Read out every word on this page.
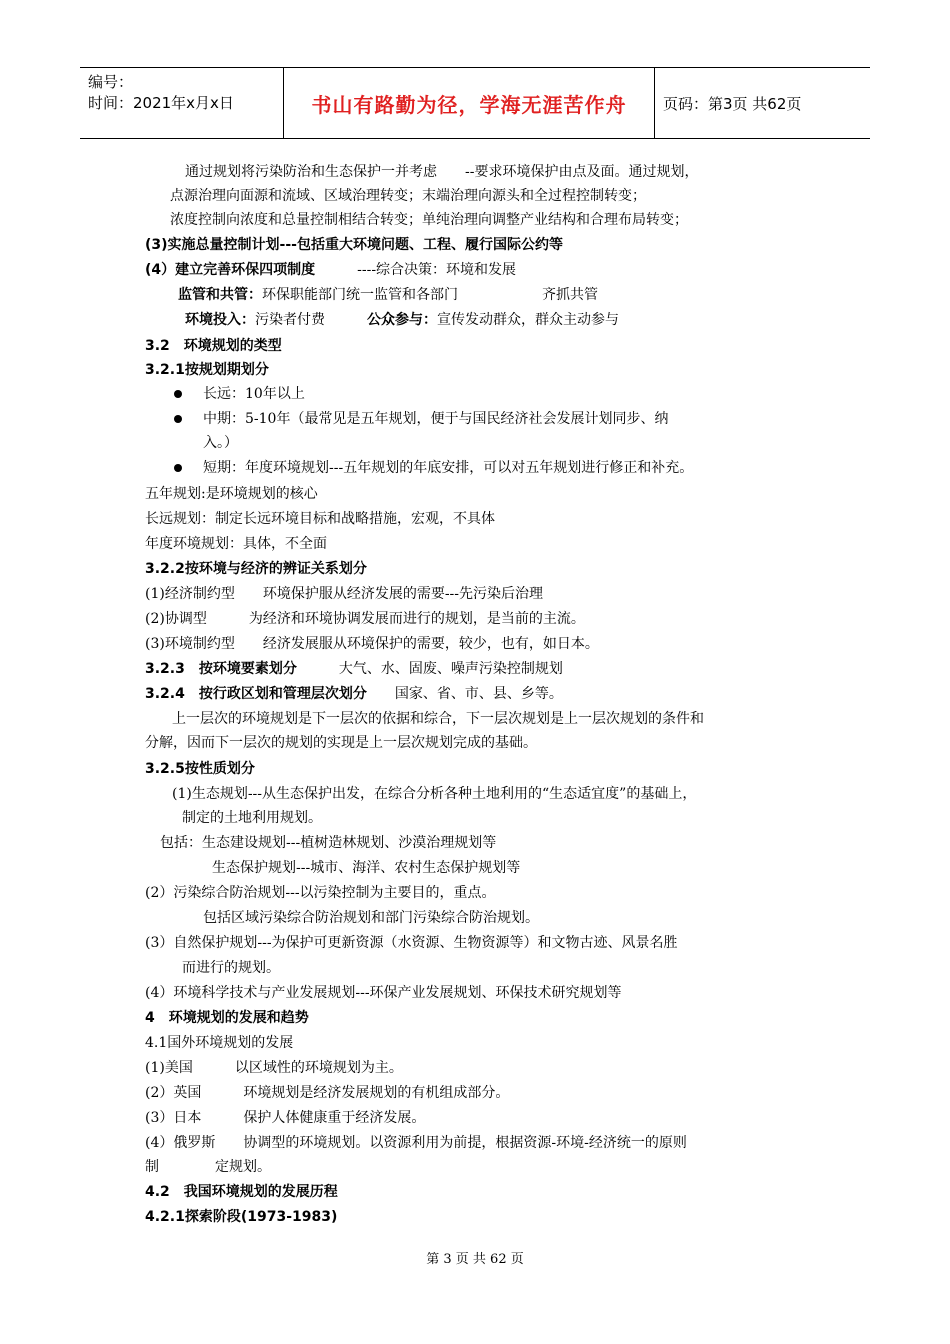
编号：
时间：2021年x月x日	书山有路勤为径，学海无涯苦作舟	页码：第3页 共62页
通过规划将污染防治和生态保护一并考虑　　--要求环境保护由点及面。通过规划，
点源治理向面源和流域、区域治理转变；末端治理向源头和全过程控制转变；
浓度控制向浓度和总量控制相结合转变；单纯治理向调整产业结构和合理布局转变；
(3)实施总量控制计划---包括重大环境问题、工程、履行国际公约等
(4）建立完善环保四项制度　　　----综合决策：环境和发展
监管和共管：环保职能部门统一监管和各部门　　　　　　齐抓共管
环境投入：污染者付费　　　公众参与：宣传发动群众，群众主动参与
3.2　环境规划的类型
3.2.1按规划期划分
长远：10年以上
中期：5-10年（最常见是五年规划，便于与国民经济社会发展计划同步、纳
入。）
短期：年度环境规划---五年规划的年底安排，可以对五年规划进行修正和补充。
五年规划:是环境规划的核心
长远规划：制定长远环境目标和战略措施，宏观，不具体
年度环境规划：具体，不全面
3.2.2按环境与经济的辨证关系划分
(1)经济制约型　　环境保护服从经济发展的需要---先污染后治理
(2)协调型　　　为经济和环境协调发展而进行的规划，是当前的主流。
(3)环境制约型　　经济发展服从环境保护的需要，较少，也有，如日本。
3.2.3　按环境要素划分　　　大气、水、固废、噪声污染控制规划
3.2.4　按行政区划和管理层次划分　　国家、省、市、县、乡等。
上一层次的环境规划是下一层次的依据和综合，下一层次规划是上一层次规划的条件和
分解，因而下一层次的规划的实现是上一层次规划完成的基础。
3.2.5按性质划分
(1)生态规划---从生态保护出发，在综合分析各种土地利用的“生态适宜度”的基础上，
制定的土地利用规划。
包括：生态建设规划---植树造林规划、沙漠治理规划等
生态保护规划---城市、海洋、农村生态保护规划等
(2）污染综合防治规划---以污染控制为主要目的，重点。
包括区域污染综合防治规划和部门污染综合防治规划。
(3）自然保护规划---为保护可更新资源（水资源、生物资源等）和文物古迹、风景名胜
而进行的规划。
(4）环境科学技术与产业发展规划---环保产业发展规划、环保技术研究规划等
4　环境规划的发展和趋势
4.1国外环境规划的发展
(1)美国　　　以区域性的环境规划为主。
(2）英国　　　环境规划是经济发展规划的有机组成部分。
(3）日本　　　保护人体健康重于经济发展。
(4）俄罗斯　　协调型的环境规划。以资源利用为前提，根据资源-环境-经济统一的原则
制　　　　定规划。
4.2　我国环境规划的发展历程
4.2.1探索阶段(1973-1983)
第 3 页 共 62 页
